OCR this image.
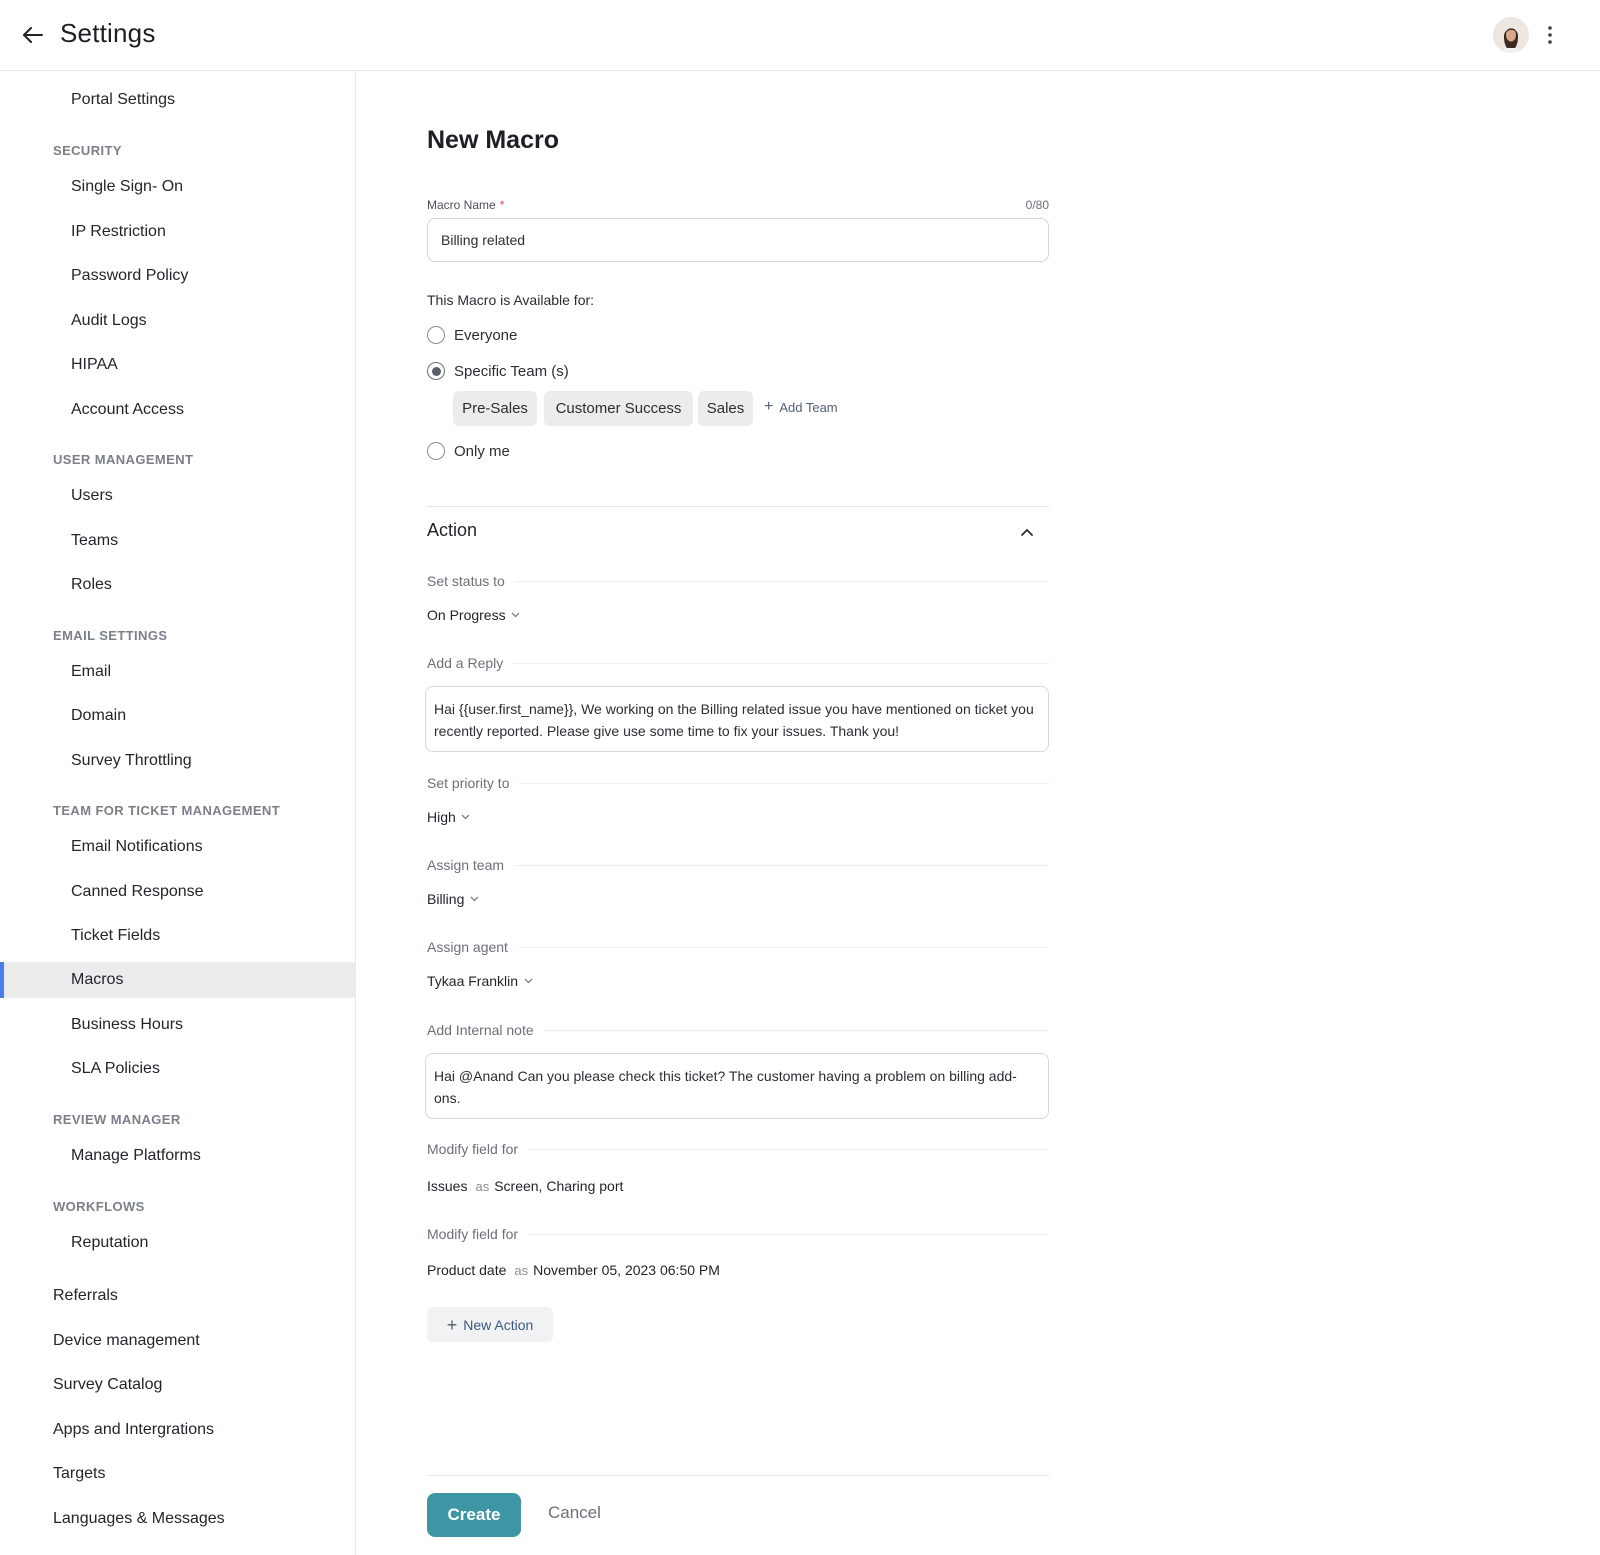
Settings
Portal Settings
SECURITY
Single Sign- On
IP Restriction
Password Policy
Audit Logs
HIPAA
Account Access
USER MANAGEMENT
Users
Teams
Roles
EMAIL SETTINGS
Email
Domain
Survey Throttling
TEAM FOR TICKET MANAGEMENT
Email Notifications
Canned Response
Ticket Fields
Macros
Business Hours
SLA Policies
REVIEW MANAGER
Manage Platforms
WORKFLOWS
Reputation
Referrals
Device management
Survey Catalog
Apps and Intergrations
Targets
Languages & Messages
New Macro
Macro Name *	0/80
Billing related
This Macro is Available for:
Everyone
Specific Team (s)
Pre-Sales	Customer Success	Sales	+ Add Team
Only me
Action
Set status to
On Progress
Add a Reply
Hai {{user.first_name}}, We working on the Billing related issue you have mentioned on ticket you recently reported. Please give use some time to fix your issues. Thank you!
Set priority to
High
Assign team
Billing
Assign agent
Tykaa Franklin
Add Internal note
Hai @Anand Can you please check this ticket? The customer having a problem on billing add-ons.
Modify field for
Issues as Screen, Charing port
Modify field for
Product date as November 05, 2023 06:50 PM
+ New Action
Create	Cancel
